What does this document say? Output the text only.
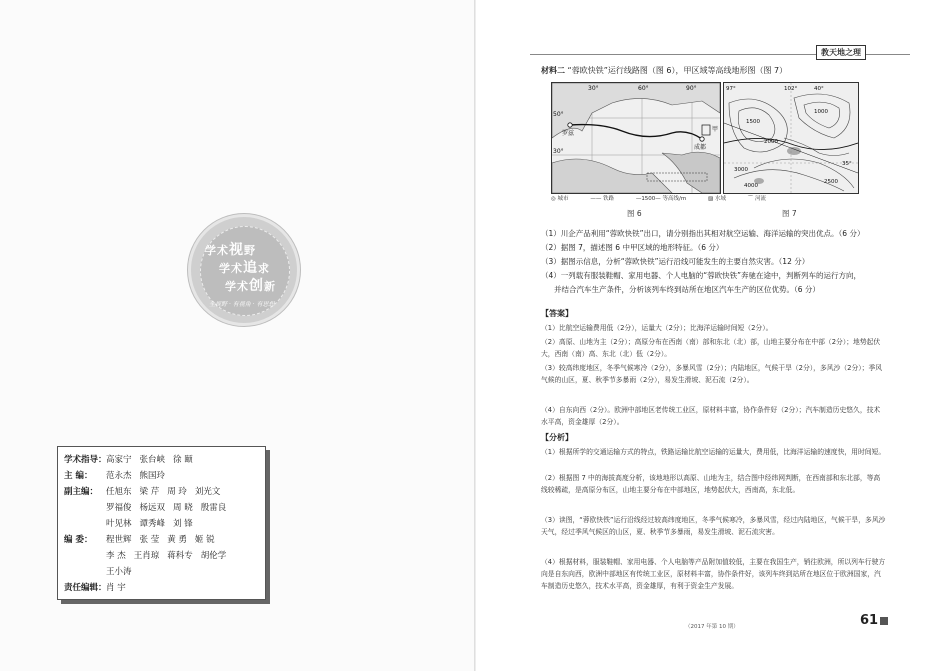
学术视野
学术追求
学术创新
全视野 · 有视角 · 有思想
学术指导：高家宁 张台峡 徐 颐
主 编： 范永杰 熊国玲
副主编： 任旭东 梁 芹 周 玲 刘光文
罗福俊 杨远双 周 晓 殷雷良
叶见林 谭秀峰 刘 锋
编 委： 程世辉 张 莹 黄 勇 姬 锐
李 杰 王肖琼 蒋科专 胡伦学
王小涛
责任编辑：肖 宇
教天地之理
材料二 “蓉欧快铁”运行线路图（图 6），甲区域等高线地形图（图 7）
30°	60°	90°
50°
30°
罗兹
成都
甲
97°	102°	40°
35°
1500
1000
2000
3000
4000
2500
◎ 城市	—— 铁路	—1500— 等高线/m	▨ 水域	⌒ 河流
图 6	图 7
（1）川企产品利用“蓉欧快铁”出口，请分别指出其相对航空运输、海洋运输的突出优点。（6 分）
（2）据图 7，描述图 6 中甲区域的地形特征。（6 分）
（3）据图示信息，分析“蓉欧快铁”运行沿线可能发生的主要自然灾害。（12 分）
（4）一列载有服装鞋帽、家用电器、个人电脑的“蓉欧快铁”奔驰在途中，判断列车的运行方向，
并结合汽车生产条件，分析该列车终到站所在地区汽车生产的区位优势。（6 分）
【答案】
（1）比航空运输费用低（2分），运量大（2分）；比海洋运输时间短（2分）。
（2）高原、山地为主（2分）；高原分布在西南（南）部和东北（北）部，山地主要分布在中部（2分）；地势起伏大，西南（南）高、东北（北）低（2分）。
（3）较高纬度地区，冬季气候寒冷（2分），多暴风雪（2分）；内陆地区，气候干旱（2分），多风沙（2分）；季风气候的山区，夏、秋季节多暴雨（2分），易发生滑坡、泥石流（2分）。
（4）自东向西（2分）。欧洲中部地区老传统工业区，原材料丰富，协作条件好（2分）；汽车制造历史悠久，技术水平高，资金雄厚（2分）。
【分析】
（1）根据所学的交通运输方式的特点，铁路运输比航空运输的运量大，费用低，比海洋运输的速度快，用时间短。
（2）根据图 7 中的海拔高度分析，该地地形以高原、山地为主，结合图中经纬网判断，在西南部和东北部，等高线较稀疏，是高原分布区，山地主要分布在中部地区，地势起伏大，西南高，东北低。
（3）读图，“蓉欧快铁”运行沿线经过较高纬度地区，冬季气候寒冷，多暴风雪，经过内陆地区，气候干旱，多风沙天气，经过季风气候区的山区，夏、秋季节多暴雨，易发生滑坡、泥石流灾害。
（4）根据材料，服装鞋帽、家用电器、个人电脑等产品附加值较低，主要在我国生产，销往欧洲，所以列车行驶方向是自东向西，欧洲中部地区有传统工业区，原材料丰富，协作条件好，该列车终到站所在地区位于欧洲国家，汽车制造历史悠久，技术水平高，资金雄厚，有利于资金生产发展。
（2017 年第 10 期）	61
